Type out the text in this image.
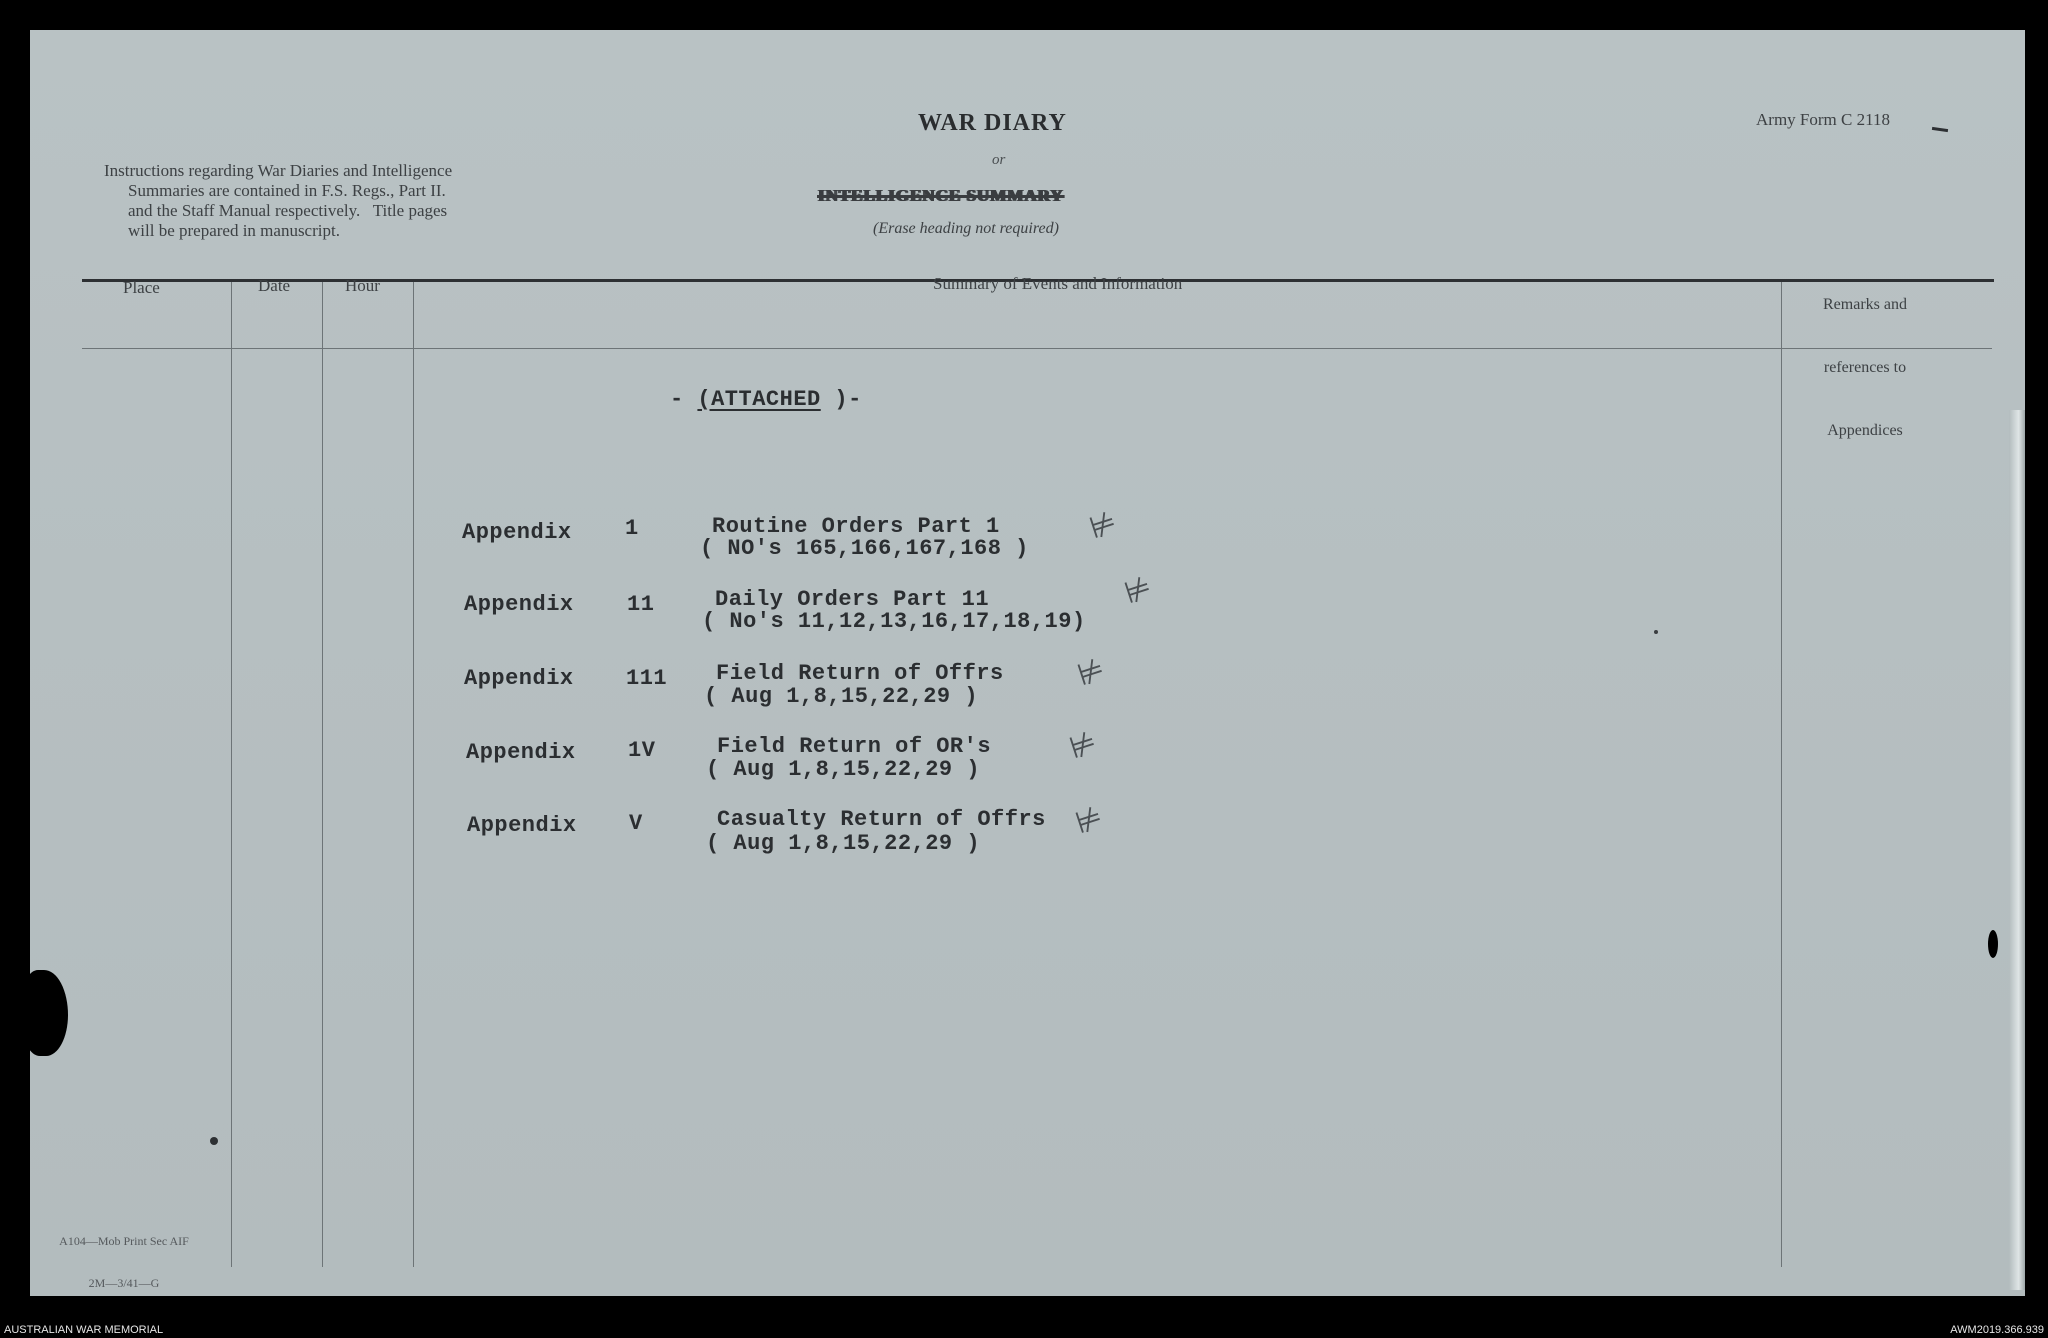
WAR DIARY
or
INTELLIGENCE SUMMARY
(Erase heading not required)
Army Form C 2118
Instructions regarding War Diaries and Intelligence
Summaries are contained in F.S. Regs., Part II.
and the Staff Manual respectively.   Title pages
will be prepared in manuscript.
Place	Date	Hour	Summary of Events and Information

Remarks and

references to

Appendices

- (ATTACHED )-
Appendix 1	Routine Orders Part 1
( NO's 165,166,167,168 )
⊭
Appendix 11	Daily Orders Part 11
( No's 11,12,13,16,17,18,19)
⊭
Appendix 111 Field Return of Offrs
( Aug 1,8,15,22,29 )
⊭
Appendix 1V	Field Return of OR's
( Aug 1,8,15,22,29 )
⊭
Appendix V	Casualty Return of Offrs
( Aug 1,8,15,22,29 )
⊭

A104—Mob Print Sec AIF

2M—3/41—G

AUSTRALIAN WAR MEMORIAL	AWM2019.366.939
